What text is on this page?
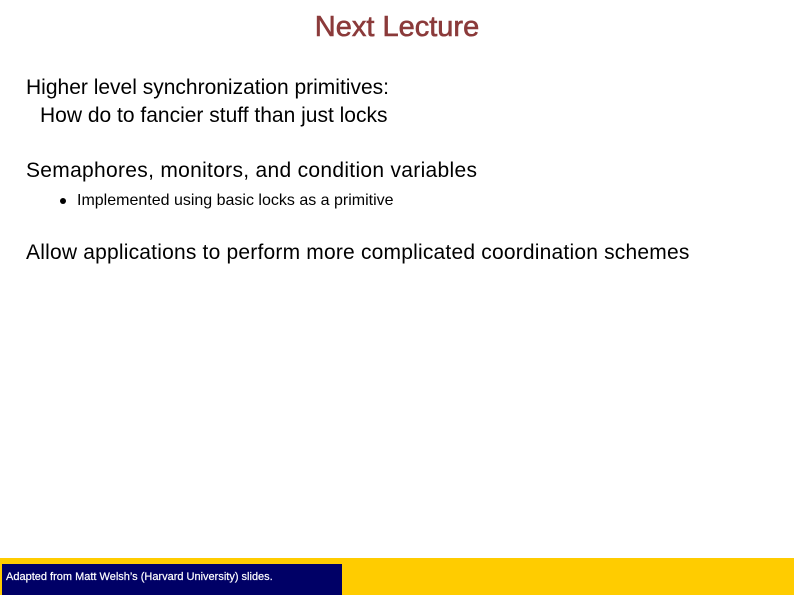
Next Lecture
Higher level synchronization primitives:
How do to fancier stuff than just locks
Semaphores, monitors, and condition variables
Implemented using basic locks as a primitive
Allow applications to perform more complicated coordination schemes
Adapted from Matt Welsh’s (Harvard University) slides.
